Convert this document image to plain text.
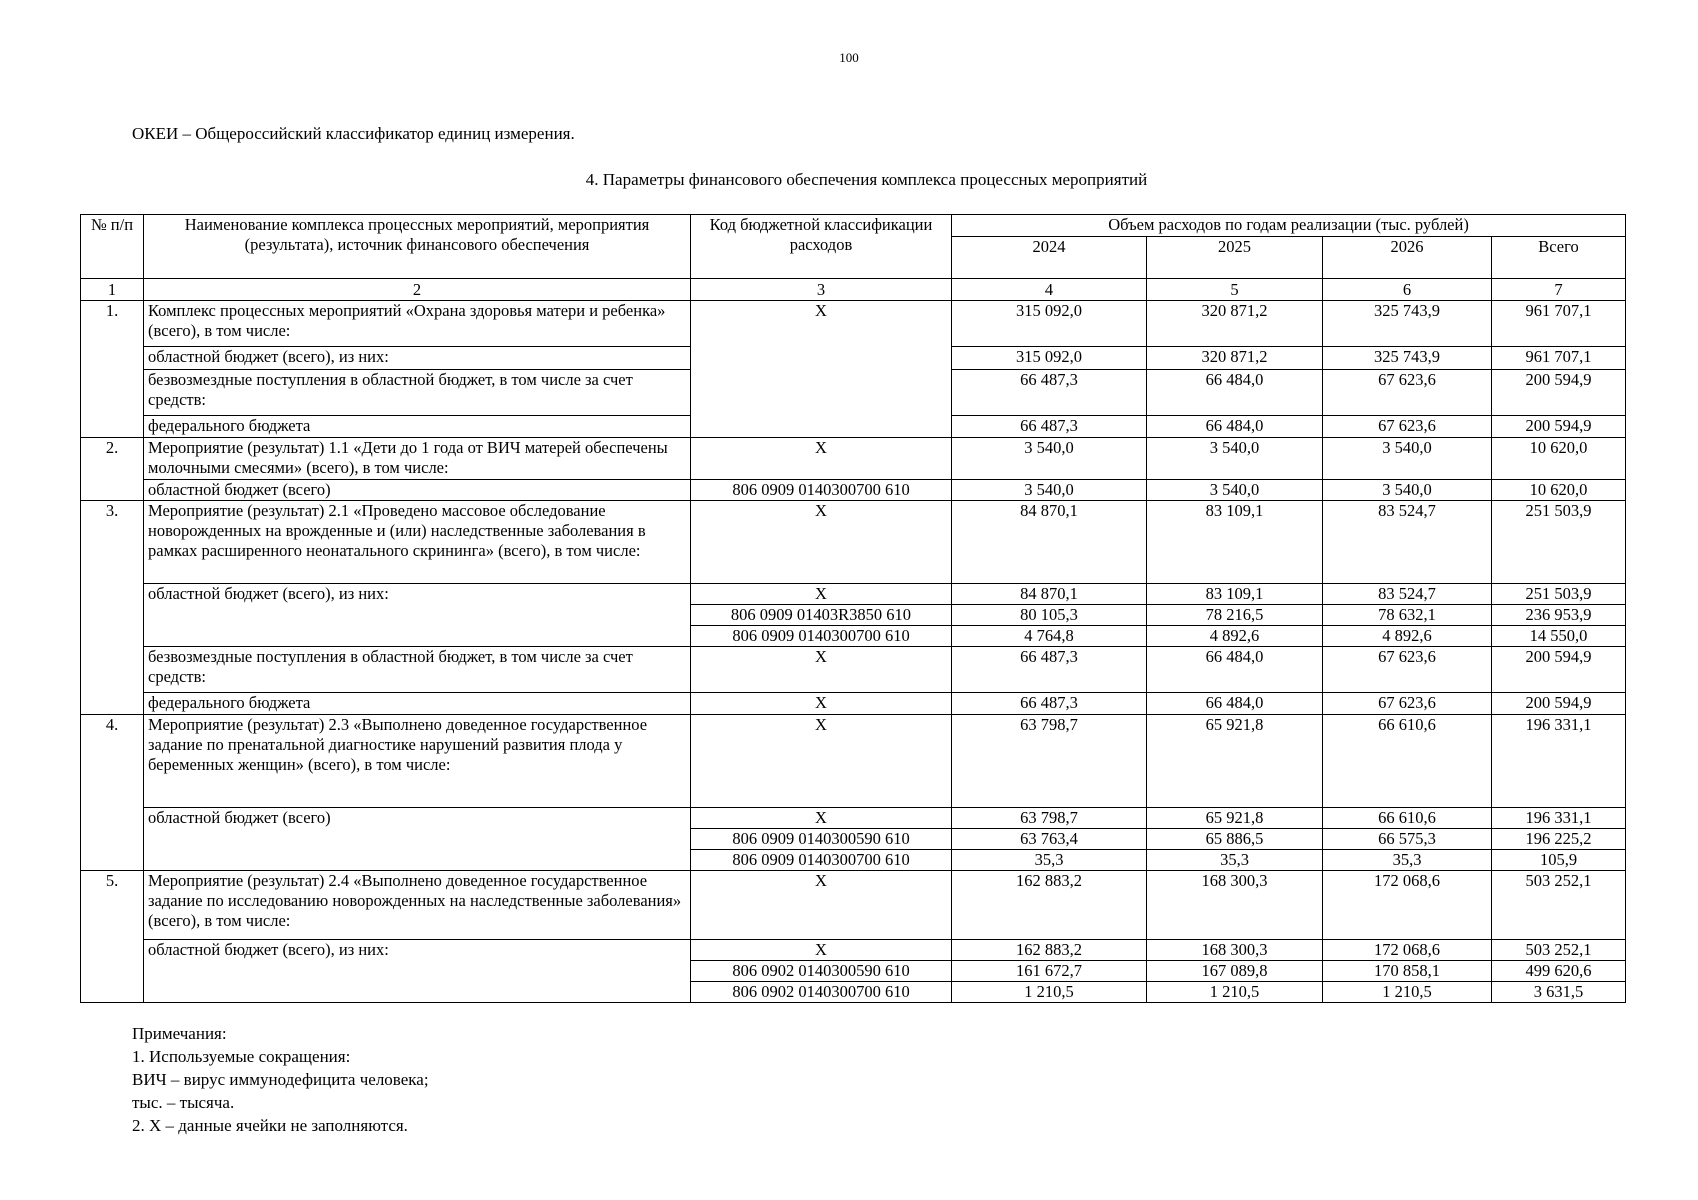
100
ОКЕИ – Общероссийский классификатор единиц измерения.
4. Параметры финансового обеспечения комплекса процессных мероприятий
№ п/п	Наименование комплекса процессных мероприятий, мероприятия (результата), источник финансового обеспечения	Код бюджетной классификации расходов	Объем расходов по годам реализации (тыс. рублей)			
			2024	2025	2026	Всего
1	2	3	4	5	6	7
1.	Комплекс процессных мероприятий «Охрана здоровья матери и ребенка» (всего), в том числе:	X	315 092,0	320 871,2	325 743,9	961 707,1
	областной бюджет (всего), из них:		315 092,0	320 871,2	325 743,9	961 707,1
	безвозмездные поступления в областной бюджет, в том числе за счет средств:		66 487,3	66 484,0	67 623,6	200 594,9
	федерального бюджета		66 487,3	66 484,0	67 623,6	200 594,9
2.	Мероприятие (результат) 1.1 «Дети до 1 года от ВИЧ матерей обеспечены молочными смесями» (всего), в том числе:	X	3 540,0	3 540,0	3 540,0	10 620,0
	областной бюджет (всего)	806 0909 0140300700 610	3 540,0	3 540,0	3 540,0	10 620,0
3.	Мероприятие (результат) 2.1 «Проведено массовое обследование новорожденных на врожденные и (или) наследственные заболевания в рамках расширенного неонатального скрининга» (всего), в том числе:	X	84 870,1	83 109,1	83 524,7	251 503,9
	областной бюджет (всего), из них:	X	84 870,1	83 109,1	83 524,7	251 503,9
		806 0909 01403R3850 610	80 105,3	78 216,5	78 632,1	236 953,9
		806 0909 0140300700 610	4 764,8	4 892,6	4 892,6	14 550,0
	безвозмездные поступления в областной бюджет, в том числе за счет средств:	X	66 487,3	66 484,0	67 623,6	200 594,9
	федерального бюджета	X	66 487,3	66 484,0	67 623,6	200 594,9
4.	Мероприятие (результат) 2.3 «Выполнено доведенное государственное задание по пренатальной диагностике нарушений развития плода у беременных женщин» (всего), в том числе:	X	63 798,7	65 921,8	66 610,6	196 331,1
	областной бюджет (всего)	X	63 798,7	65 921,8	66 610,6	196 331,1
		806 0909 0140300590 610	63 763,4	65 886,5	66 575,3	196 225,2
		806 0909 0140300700 610	35,3	35,3	35,3	105,9
5.	Мероприятие (результат) 2.4 «Выполнено доведенное государственное задание по исследованию новорожденных на наследственные заболевания» (всего), в том числе:	X	162 883,2	168 300,3	172 068,6	503 252,1
	областной бюджет (всего), из них:	X	162 883,2	168 300,3	172 068,6	503 252,1
		806 0902 0140300590 610	161 672,7	167 089,8	170 858,1	499 620,6
		806 0902 0140300700 610	1 210,5	1 210,5	1 210,5	3 631,5
Примечания:
1. Используемые сокращения:
ВИЧ – вирус иммунодефицита человека;
тыс. – тысяча.
2. X – данные ячейки не заполняются.
